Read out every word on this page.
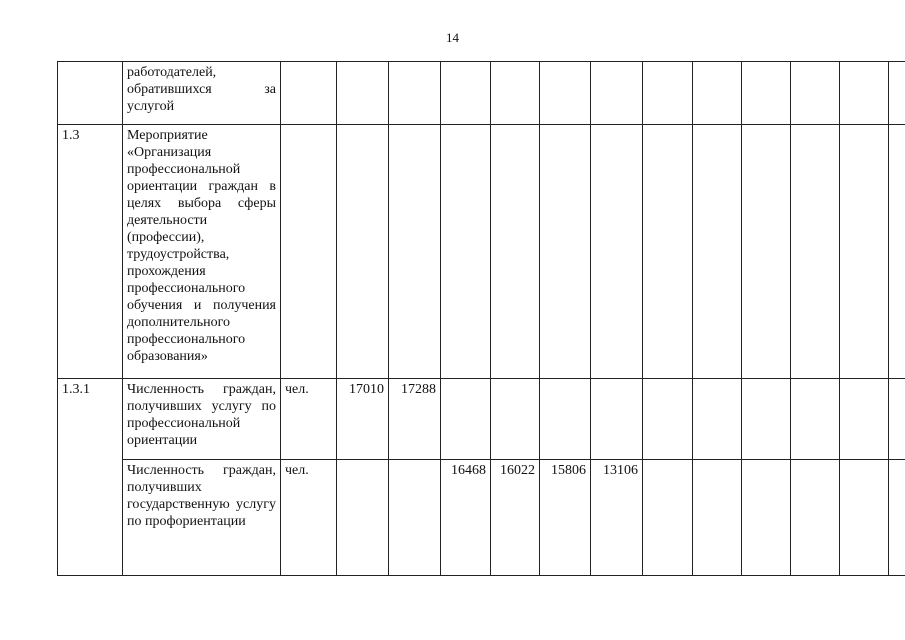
14
	работодателей, обратившихся за услугой													
1.3	Мероприятие «Организация профессиональной ориентации граждан в целях выбора сферы деятельности (профессии), трудоустройства, прохождения профессионального обучения и получения дополнительного профессионального образования»													
1.3.1	Численность граждан, получивших услугу по профессиональной ориентации	чел.	17010	17288										
	Численность граждан, получивших государственную услугу по профориентации	чел.			16468	16022	15806	13106						
